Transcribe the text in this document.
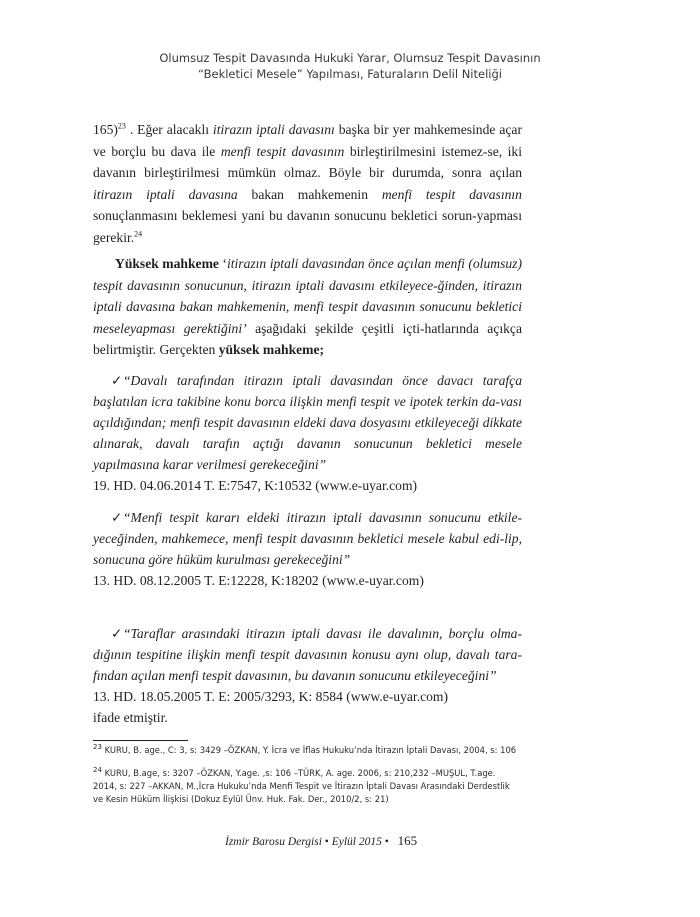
Olumsuz Tespit Davasında Hukuki Yarar, Olumsuz Tespit Davasının
“Bekletici Mesele” Yapılması, Faturaların Delil Niteliği

165)$^{23}$ . Eğer alacaklı itirazın iptali davasını başka bir yer mahkemesinde açar ve borçlu bu dava ile menfi tespit davasının birleştirilmesini istemez-se, iki davanın birleştirilmesi mümkün olmaz. Böyle bir durumda, sonra açılan itirazın iptali davasına bakan mahkemenin menfi tespit davasının sonuçlanmasını beklemesi yani bu davanın sonucunu bekletici sorun-yapması gerekir.$^{24}$

Yüksek mahkeme ‘itirazın iptali davasından önce açılan menfi (olumsuz) tespit davasının sonucunun, itirazın iptali davasını etkileyece-ğinden, itirazın iptali davasına bakan mahkemenin, menfi tespit davasının sonucunu bekletici meseleyapması gerektiğini’ aşağıdaki şekilde çeşitli içti-hatlarında açıkça belirtmiştir. Gerçekten yüksek mahkeme;

✓“Davalı tarafından itirazın iptali davasından önce davacı tarafça başlatılan icra takibine konu borca ilişkin menfi tespit ve ipotek terkin da-vası açıldığından; menfi tespit davasının eldeki dava dosyasını etkileyeceği dikkate alınarak, davalı tarafın açtığı davanın sonucunun bekletici mesele yapılmasına karar verilmesi gerekeceğini”
19. HD. 04.06.2014 T. E:7547, K:10532 (www.e-uyar.com)
✓“Menfi tespit kararı eldeki itirazın iptali davasının sonucunu etkile-yeceğinden, mahkemece, menfi tespit davasının bekletici mesele kabul edi-lip, sonucuna göre hüküm kurulması gerekeceğini”
13. HD. 08.12.2005 T. E:12228, K:18202 (www.e-uyar.com)
✓“Taraflar arasındaki itirazın iptali davası ile davalının, borçlu olma-dığının tespitine ilişkin menfi tespit davasının konusu aynı olup, davalı tara-fından açılan menfi tespit davasının, bu davanın sonucunu etkileyeceğini”
13. HD. 18.05.2005 T. E: 2005/3293, K: 8584 (www.e-uyar.com)
ifade etmiştir.
$^{23}$ KURU, B. age., C: 3, s: 3429 –ÖZKAN, Y. İcra ve İflas Hukuku’nda İtirazın İptali Davası, 2004, s: 106
$^{24}$ KURU, B.age, s: 3207 –ÖZKAN, Y.age. ,s: 106 –TÜRK, A. age. 2006, s: 210,232 –MUŞUL, T.age. 2014, s: 227 –AKKAN, M.,İcra Hukuku’nda Menfi Tespit ve İtirazın İptali Davası Arasındaki Derdestlik ve Kesin Hüküm İlişkisi (Dokuz Eylül Ünv. Huk. Fak. Der., 2010/2, s: 21)
İzmir Barosu Dergisi • Eylül 2015 • 165
